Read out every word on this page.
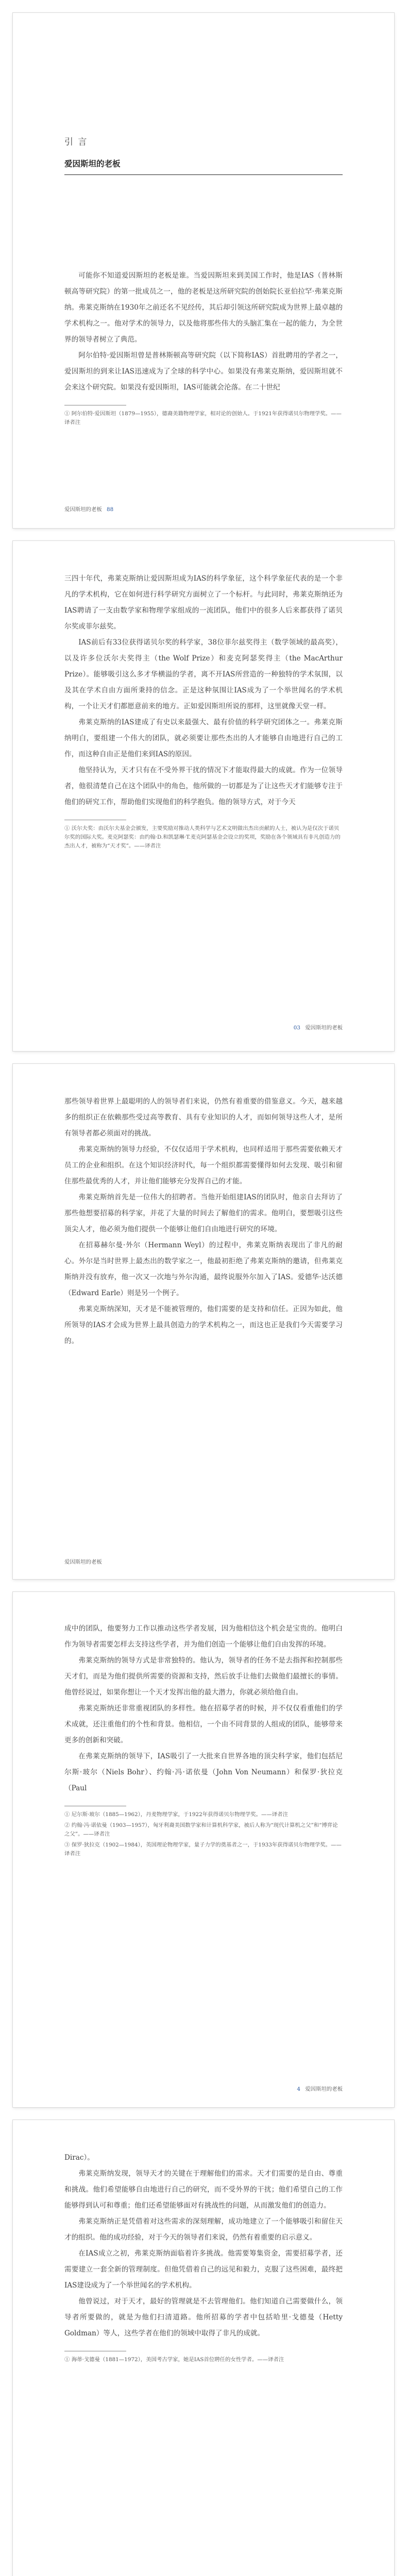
引 言
爱因斯坦的老板

可能你不知道爱因斯坦的老板是谁。当爱因斯坦来到美国工作时，他是IAS（普林斯顿高等研究院）的第一批成员之一，他的老板是这所研究院的创始院长亚伯拉罕·弗莱克斯纳。弗莱克斯纳在1930年之前还名不见经传，其后却引领这所研究院成为世界上最卓越的学术机构之一。他对学术的领导力，以及他将那些伟大的头脑汇集在一起的能力，为全世界的领导者树立了典范。

阿尔伯特·爱因斯坦曾是普林斯顿高等研究院（以下简称IAS）首批聘用的学者之一，爱因斯坦的到来让IAS迅速成为了全球的科学中心。如果没有弗莱克斯纳，爱因斯坦就不会来这个研究院。如果没有爱因斯坦，IAS可能就会沦落。在二十世纪

① 阿尔伯特·爱因斯坦（1879—1955），德裔美籍物理学家，相对论的创始人。于1921年获得诺贝尔物理学奖。——译者注

爱因斯坦的老板 88

三四十年代，弗莱克斯纳让爱因斯坦成为IAS的科学象征，这个科学象征代表的是一个非凡的学术机构，它在如何进行科学研究方面树立了一个标杆。与此同时，弗莱克斯纳还为IAS聘请了一支由数学家和物理学家组成的一流团队，他们中的很多人后来都获得了诺贝尔奖或菲尔兹奖。

IAS前后有33位获得诺贝尔奖的科学家，38位菲尔兹奖得主（数学领域的最高奖），以及许多位沃尔夫奖得主（the Wolf Prize）和麦克阿瑟奖得主（the MacArthur Prize）。能够吸引这么多才华横溢的学者，离不开IAS所营造的一种独特的学术氛围，以及其在学术自由方面所秉持的信念。正是这种氛围让IAS成为了一个举世闻名的学术机构，一个让天才们都愿意前来的地方。正如爱因斯坦所说的那样，这里就像天堂一样。

弗莱克斯纳的IAS建成了有史以来最强大、最有价值的科学研究团体之一。弗莱克斯纳明白，要组建一个伟大的团队，就必须要让那些杰出的人才能够自由地进行自己的工作，而这种自由正是他们来到IAS的原因。

他坚持认为，天才只有在不受外界干扰的情况下才能取得最大的成就。作为一位领导者，他很清楚自己在这个团队中的角色，他所做的一切都是为了让这些天才们能够专注于他们的研究工作，帮助他们实现他们的科学抱负。他的领导方式，对于今天

① 沃尔夫奖：由沃尔夫基金会颁发，主要奖励对推动人类科学与艺术文明做出杰出贡献的人士，被认为是仅次于诺贝尔奖的国际大奖。麦克阿瑟奖：由约翰·D.和凯瑟琳·T.麦克阿瑟基金会设立的奖项，奖励在各个领域具有非凡创造力的杰出人才，被称为“天才奖”。——译者注

03 爱因斯坦的老板

那些领导着世界上最聪明的人的领导者们来说，仍然有着重要的借鉴意义。今天，越来越多的组织正在依赖那些受过高等教育、具有专业知识的人才，而如何领导这些人才，是所有领导者都必须面对的挑战。

弗莱克斯纳的领导力经验，不仅仅适用于学术机构，也同样适用于那些需要依赖天才员工的企业和组织。在这个知识经济时代，每一个组织都需要懂得如何去发现、吸引和留住那些最优秀的人才，并让他们能够充分发挥自己的才能。

弗莱克斯纳首先是一位伟大的招聘者。当他开始组建IAS的团队时，他亲自去拜访了那些他想要招募的科学家，并花了大量的时间去了解他们的需求。他明白，要想吸引这些顶尖人才，他必须为他们提供一个能够让他们自由地进行研究的环境。

在招募赫尔曼·外尔（Hermann Weyl）的过程中，弗莱克斯纳表现出了非凡的耐心。外尔是当时世界上最杰出的数学家之一，他最初拒绝了弗莱克斯纳的邀请，但弗莱克斯纳并没有放弃，他一次又一次地与外尔沟通，最终说服外尔加入了IAS。爱德华·达沃德（Edward Earle）则是另一个例子。

弗莱克斯纳深知，天才是不能被管理的，他们需要的是支持和信任。正因为如此，他所领导的IAS才会成为世界上最具创造力的学术机构之一，而这也正是我们今天需要学习的。

爱因斯坦的老板

成中的团队，他要努力工作以推动这些学者发展，因为他相信这个机会是宝贵的。他明白作为领导者需要怎样去支持这些学者，并为他们创造一个能够让他们自由发挥的环境。

弗莱克斯纳的领导方式是非常独特的。他认为，领导者的任务不是去指挥和控制那些天才们，而是为他们提供所需要的资源和支持，然后放手让他们去做他们最擅长的事情。他曾经说过，如果你想让一个天才发挥出他的最大潜力，你就必须给他自由。

弗莱克斯纳还非常重视团队的多样性。他在招募学者的时候，并不仅仅看重他们的学术成就，还注重他们的个性和背景。他相信，一个由不同背景的人组成的团队，能够带来更多的创新和突破。

在弗莱克斯纳的领导下，IAS吸引了一大批来自世界各地的顶尖科学家，他们包括尼尔斯·玻尔（Niels Bohr）、约翰·冯·诺依曼（John Von Neumann）和保罗·狄拉克（Paul

① 尼尔斯·玻尔（1885—1962），丹麦物理学家，于1922年获得诺贝尔物理学奖。——译者注

② 约翰·冯·诺依曼（1903—1957），匈牙利裔美国数学家和计算机科学家，被后人称为“现代计算机之父”和“博弈论之父”。——译者注

③ 保罗·狄拉克（1902—1984），英国理论物理学家，量子力学的奠基者之一，于1933年获得诺贝尔物理学奖。——译者注

4 爱因斯坦的老板

Dirac）。

弗莱克斯纳发现，领导天才的关键在于理解他们的需求。天才们需要的是自由、尊重和挑战。他们希望能够自由地进行自己的研究，而不受外界的干扰；他们希望自己的工作能够得到认可和尊重；他们还希望能够面对有挑战性的问题，从而激发他们的创造力。

弗莱克斯纳正是凭借着对这些需求的深刻理解，成功地建立了一个能够吸引和留住天才的组织。他的成功经验，对于今天的领导者们来说，仍然有着重要的启示意义。

在IAS成立之初，弗莱克斯纳面临着许多挑战。他需要筹集资金，需要招募学者，还需要建立一套全新的管理制度。但他凭借着自己的远见和毅力，克服了这些困难，最终把IAS建设成为了一个举世闻名的学术机构。

他曾说过，对于天才，最好的管理就是不去管理他们。他们知道自己需要做什么，领导者所要做的，就是为他们扫清道路。他所招募的学者中包括哈里·戈德曼（Hetty Goldman）等人，这些学者在他们的领域中取得了非凡的成就。

① 海蒂·戈德曼（1881—1972），美国考古学家，她是IAS首位聘任的女性学者。——译者注
